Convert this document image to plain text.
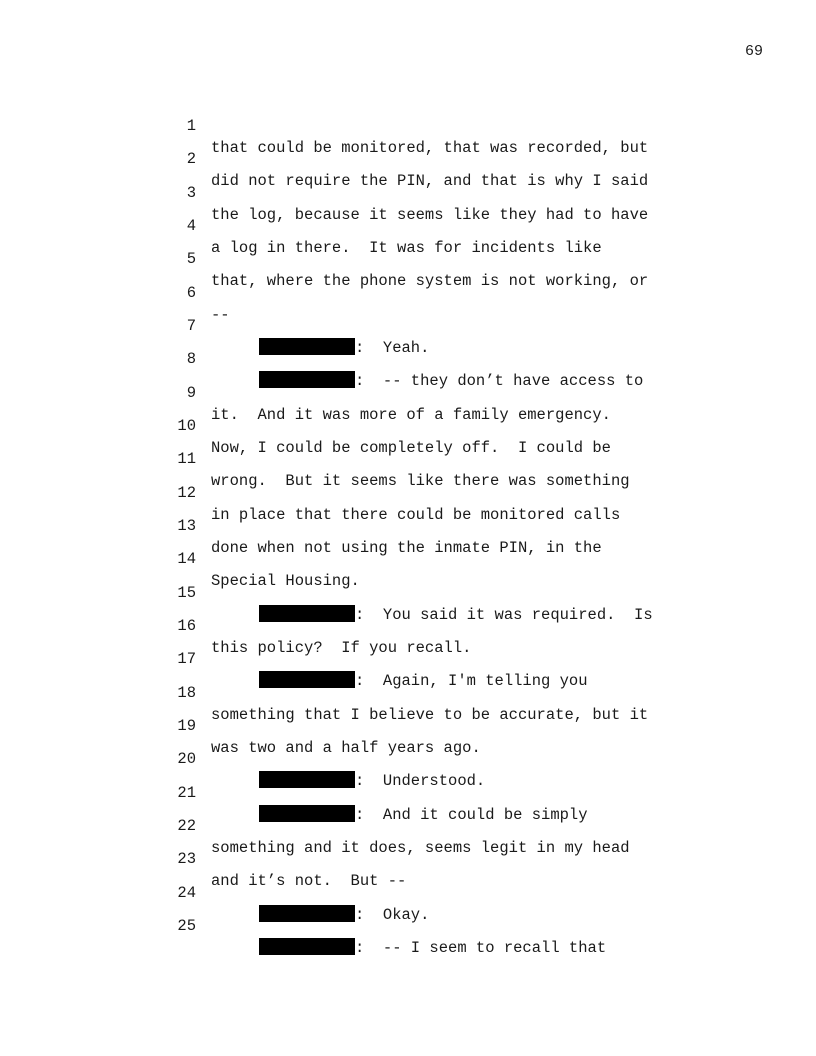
69

1

that could be monitored, that was recorded, but

2

did not require the PIN, and that is why I said

3

the log, because it seems like they had to have

4

a log in there.  It was for incidents like

5

that, where the phone system is not working, or

6

--

7

:  Yeah.

8

:  -- they don’t have access to

9

it.  And it was more of a family emergency.

10

Now, I could be completely off.  I could be

11

wrong.  But it seems like there was something

12

in place that there could be monitored calls

13

done when not using the inmate PIN, in the

14

Special Housing.

15

:  You said it was required.  Is

16

this policy?  If you recall.

17

:  Again, I'm telling you

18

something that I believe to be accurate, but it

19

was two and a half years ago.

20

:  Understood.

21

:  And it could be simply

22

something and it does, seems legit in my head

23

and it’s not.  But --

24

:  Okay.

25

:  -- I seem to recall that
